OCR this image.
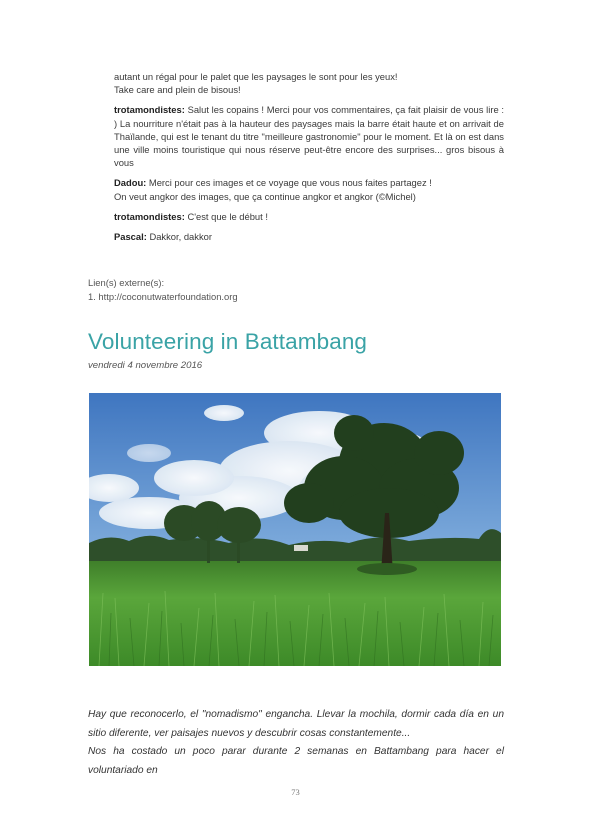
autant un régal pour le palet que les paysages le sont pour les yeux!
Take care and plein de bisous!
trotamondistes: Salut les copains ! Merci pour vos commentaires, ça fait plaisir de vous lire : ) La nourriture n'était pas à la hauteur des paysages mais la barre était haute et on arrivait de Thaïlande, qui est le tenant du titre "meilleure gastronomie" pour le moment. Et là on est dans une ville moins touristique qui nous réserve peut-être encore des surprises... gros bisous à vous
Dadou: Merci pour ces images et ce voyage que vous nous faites partagez !
On veut angkor des images, que ça continue angkor et angkor (©Michel)
trotamondistes: C'est que le début !
Pascal: Dakkor, dakkor
Lien(s) externe(s):
1. http://coconutwaterfoundation.org
Volunteering in Battambang
vendredi 4 novembre 2016

Hay que reconocerlo, el "nomadismo" engancha. Llevar la mochila, dormir cada día en un sitio diferente, ver paisajes nuevos y descubrir cosas constantemente...

Nos ha costado un poco parar durante 2 semanas en Battambang para hacer el voluntariado en

73
